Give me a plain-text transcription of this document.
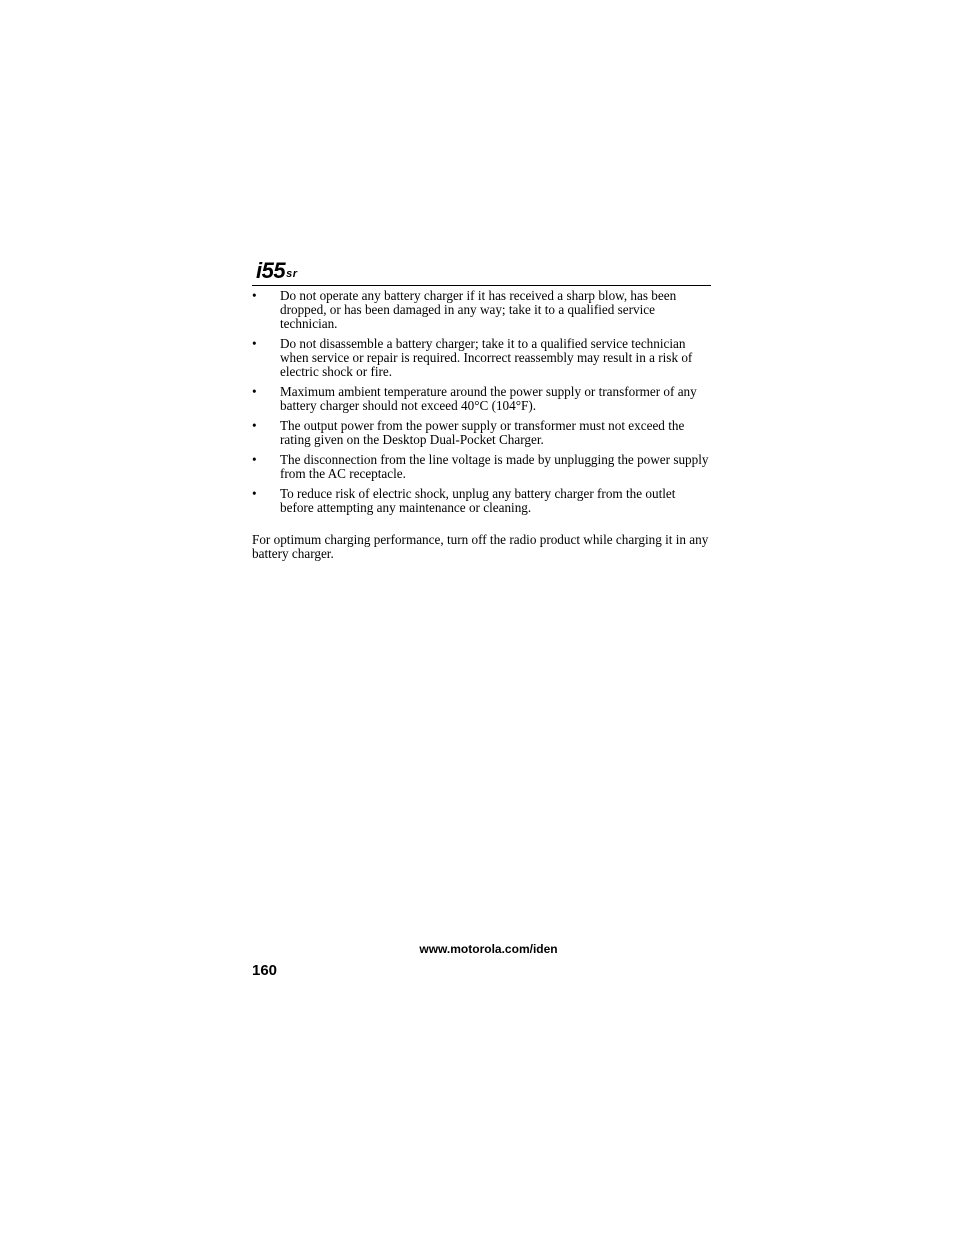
i55 sr
• Do not operate any battery charger if it has received a sharp blow, has been dropped, or has been damaged in any way; take it to a qualified service technician.
• Do not disassemble a battery charger; take it to a qualified service technician when service or repair is required. Incorrect reassembly may result in a risk of electric shock or fire.
• Maximum ambient temperature around the power supply or transformer of any battery charger should not exceed 40°C (104°F).
• The output power from the power supply or transformer must not exceed the rating given on the Desktop Dual-Pocket Charger.
• The disconnection from the line voltage is made by unplugging the power supply from the AC receptacle.
• To reduce risk of electric shock, unplug any battery charger from the outlet before attempting any maintenance or cleaning.

For optimum charging performance, turn off the radio product while charging it in any battery charger.

www.motorola.com/iden
160
